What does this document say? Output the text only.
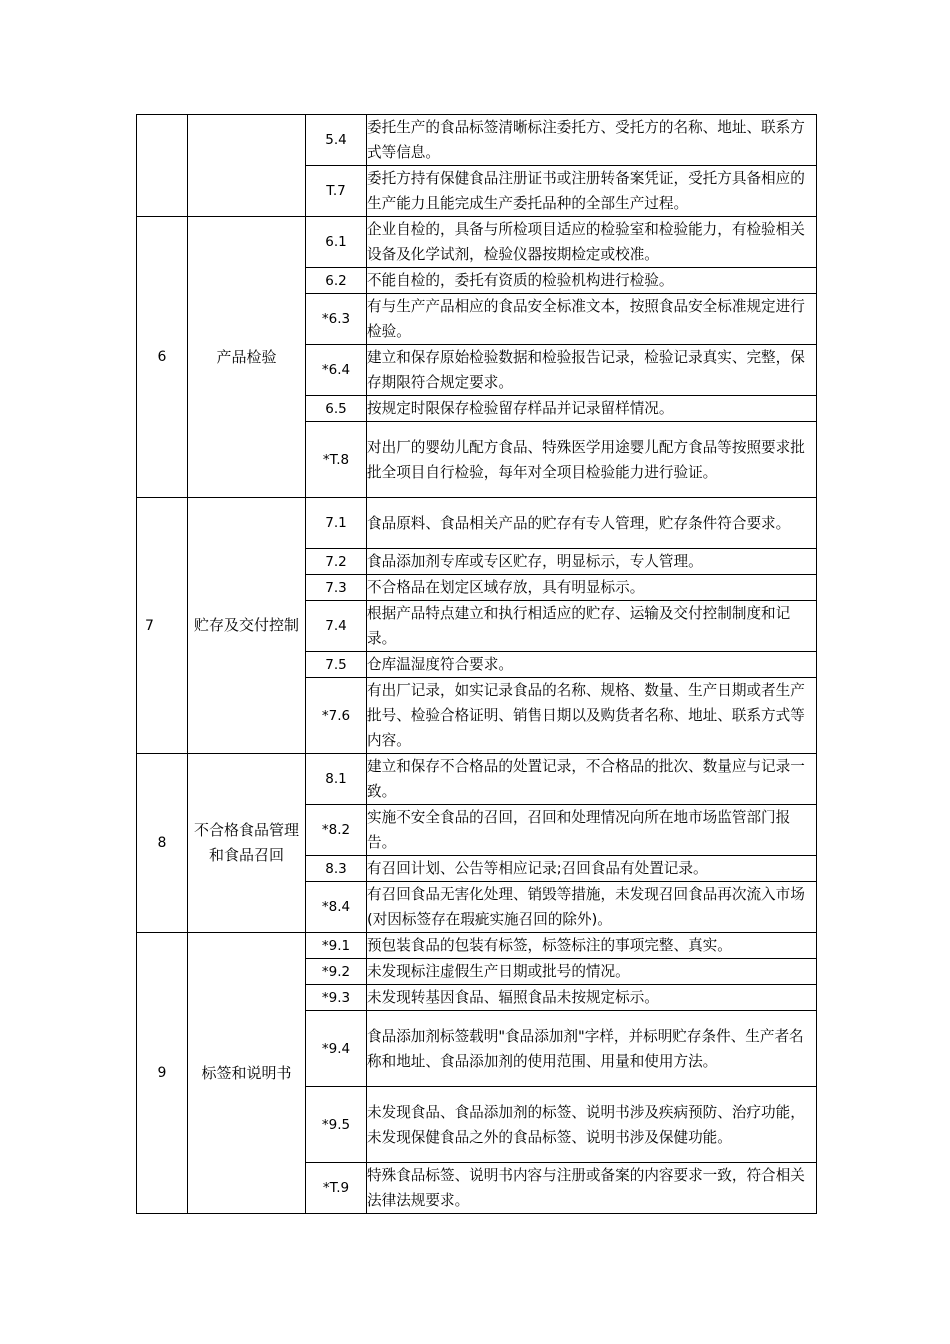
		5.4	委托生产的食品标签清晰标注委托方、受托方的名称、地址、联系方式等信息。
		T.7	委托方持有保健食品注册证书或注册转备案凭证，受托方具备相应的生产能力且能完成生产委托品种的全部生产过程。
6	产品检验	6.1	企业自检的，具备与所检项目适应的检验室和检验能力，有检验相关设备及化学试剂，检验仪器按期检定或校准。
		6.2	不能自检的，委托有资质的检验机构进行检验。
		*6.3	有与生产产品相应的食品安全标准文本，按照食品安全标准规定进行检验。
		*6.4	建立和保存原始检验数据和检验报告记录，检验记录真实、完整，保存期限符合规定要求。
		6.5	按规定时限保存检验留存样品并记录留样情况。
		*T.8	对出厂的婴幼儿配方食品、特殊医学用途婴儿配方食品等按照要求批批全项目自行检验，每年对全项目检验能力进行验证。
7	贮存及交付控制	7.1	食品原料、食品相关产品的贮存有专人管理，贮存条件符合要求。
		7.2	食品添加剂专库或专区贮存，明显标示，专人管理。
		7.3	不合格品在划定区域存放，具有明显标示。
		7.4	根据产品特点建立和执行相适应的贮存、运输及交付控制制度和记录。
		7.5	仓库温湿度符合要求。
		*7.6	有出厂记录，如实记录食品的名称、规格、数量、生产日期或者生产批号、检验合格证明、销售日期以及购货者名称、地址、联系方式等内容。
8	不合格食品管理和食品召回	8.1	建立和保存不合格品的处置记录，不合格品的批次、数量应与记录一致。
		*8.2	实施不安全食品的召回，召回和处理情况向所在地市场监管部门报告。
		8.3	有召回计划、公告等相应记录;召回食品有处置记录。
		*8.4	有召回食品无害化处理、销毁等措施，未发现召回食品再次流入市场(对因标签存在瑕疵实施召回的除外)。
9	标签和说明书	*9.1	预包装食品的包装有标签，标签标注的事项完整、真实。
		*9.2	未发现标注虚假生产日期或批号的情况。
		*9.3	未发现转基因食品、辐照食品未按规定标示。
		*9.4	食品添加剂标签载明"食品添加剂"字样，并标明贮存条件、生产者名称和地址、食品添加剂的使用范围、用量和使用方法。
		*9.5	未发现食品、食品添加剂的标签、说明书涉及疾病预防、治疗功能，未发现保健食品之外的食品标签、说明书涉及保健功能。
		*T.9	特殊食品标签、说明书内容与注册或备案的内容要求一致，符合相关法律法规要求。
